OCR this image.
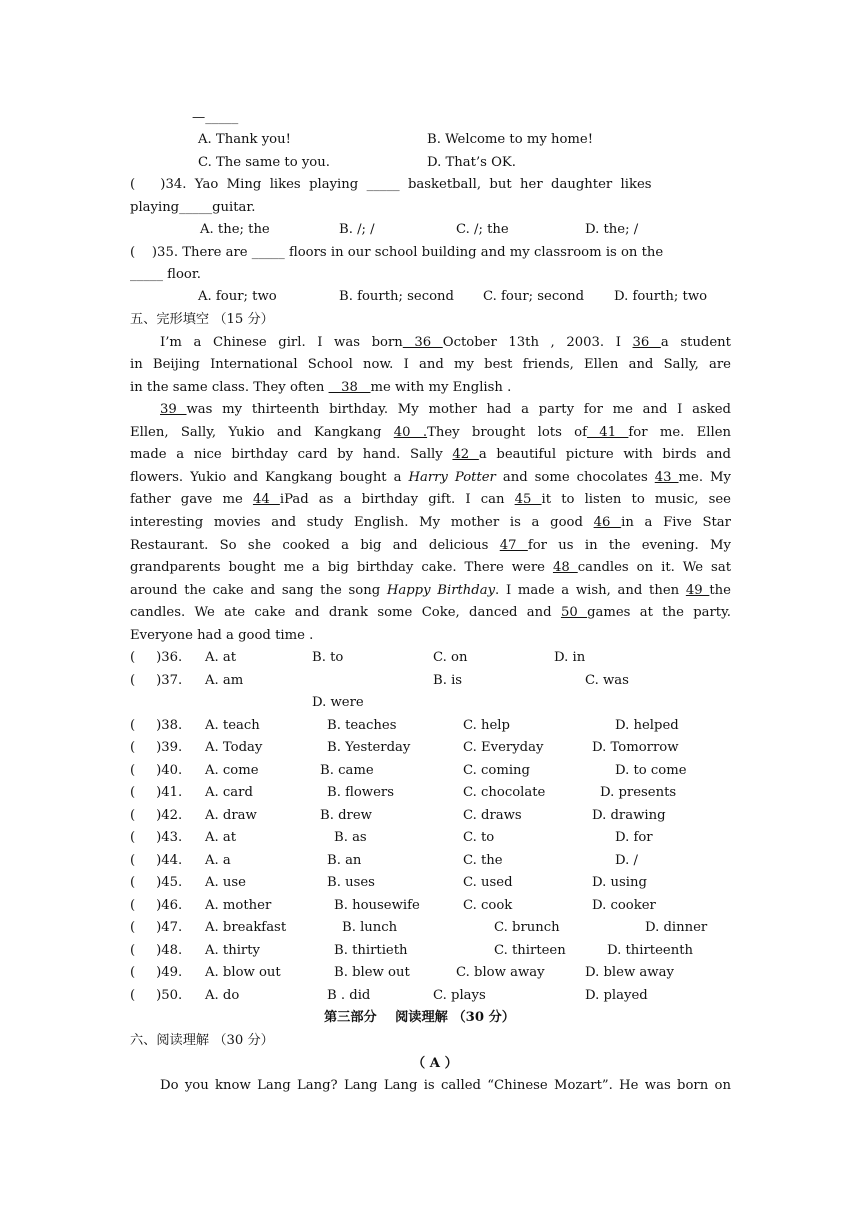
—_____
A. Thank you!	B. Welcome to my home!
C. The same to you.	D. That’s OK.
(      )34.  Yao  Ming  likes  playing  _____  basketball,  but  her  daughter  likes
playing_____guitar.
A. the; the	B. /; /	C. /; the	D. the; /
(    )35. There are _____ floors in our school building and my classroom is on the
_____ floor.
A. four; two	B. fourth; second C. four; second D. fourth; two
五、完形填空 （15 分）
I’m a Chinese girl. I was born 36 October 13th , 2003. I 36 a student
in Beijing International School now. I and my best friends, Ellen and Sally, are
in the same class. They often    38   me with my English .
39 was my thirteenth birthday. My mother had a party for me and I asked
Ellen, Sally, Yukio and Kangkang 40 .They brought lots of 41 for me. Ellen
made a nice birthday card by hand. Sally 42 a beautiful picture with birds and
flowers. Yukio and Kangkang bought a Harry Potter and some chocolates 43 me. My
father gave me 44 iPad as a birthday gift. I can 45 it to listen to music, see
interesting movies and study English. My mother is a good 46 in a Five Star
Restaurant. So she cooked a big and delicious 47 for us in the evening. My
grandparents bought me a big birthday cake. There were 48 candles on it. We sat
around the cake and sang the song Happy Birthday. I made a wish, and then 49 the
candles. We ate cake and drank some Coke, danced and 50 games at the party.
Everyone had a good time .
(     )36. A. at	B. to	C. on	D. in
(     )37. A. am	B. is	C. was
D. were
(     )38. A. teach	B. teaches	C. help	D. helped
(     )39. A. Today	B. Yesterday	C. Everyday	D. Tomorrow
(     )40. A. come	B. came	C. coming	D. to come
(     )41. A. card	B. flowers	C. chocolate	D. presents
(     )42. A. draw	B. drew	C. draws	D. drawing
(     )43. A. at	B. as	C. to	D. for
(     )44. A. a	B. an	C. the	D. /
(     )45. A. use	B. uses	C. used	D. using
(     )46. A. mother	B. housewife	C. cook	D. cooker
(     )47. A. breakfast	B. lunch	C. brunch	D. dinner
(     )48. A. thirty	B. thirtieth	C. thirteen	D. thirteenth
(     )49. A. blow out	B. blew out	C. blow away	D. blew away
(     )50. A. do	B . did	C. plays	D. played
第三部分    阅读理解 （30 分）
六、阅读理解 （30 分）
（ A ）
Do you know Lang Lang? Lang Lang is called “Chinese Mozart”. He was born on
